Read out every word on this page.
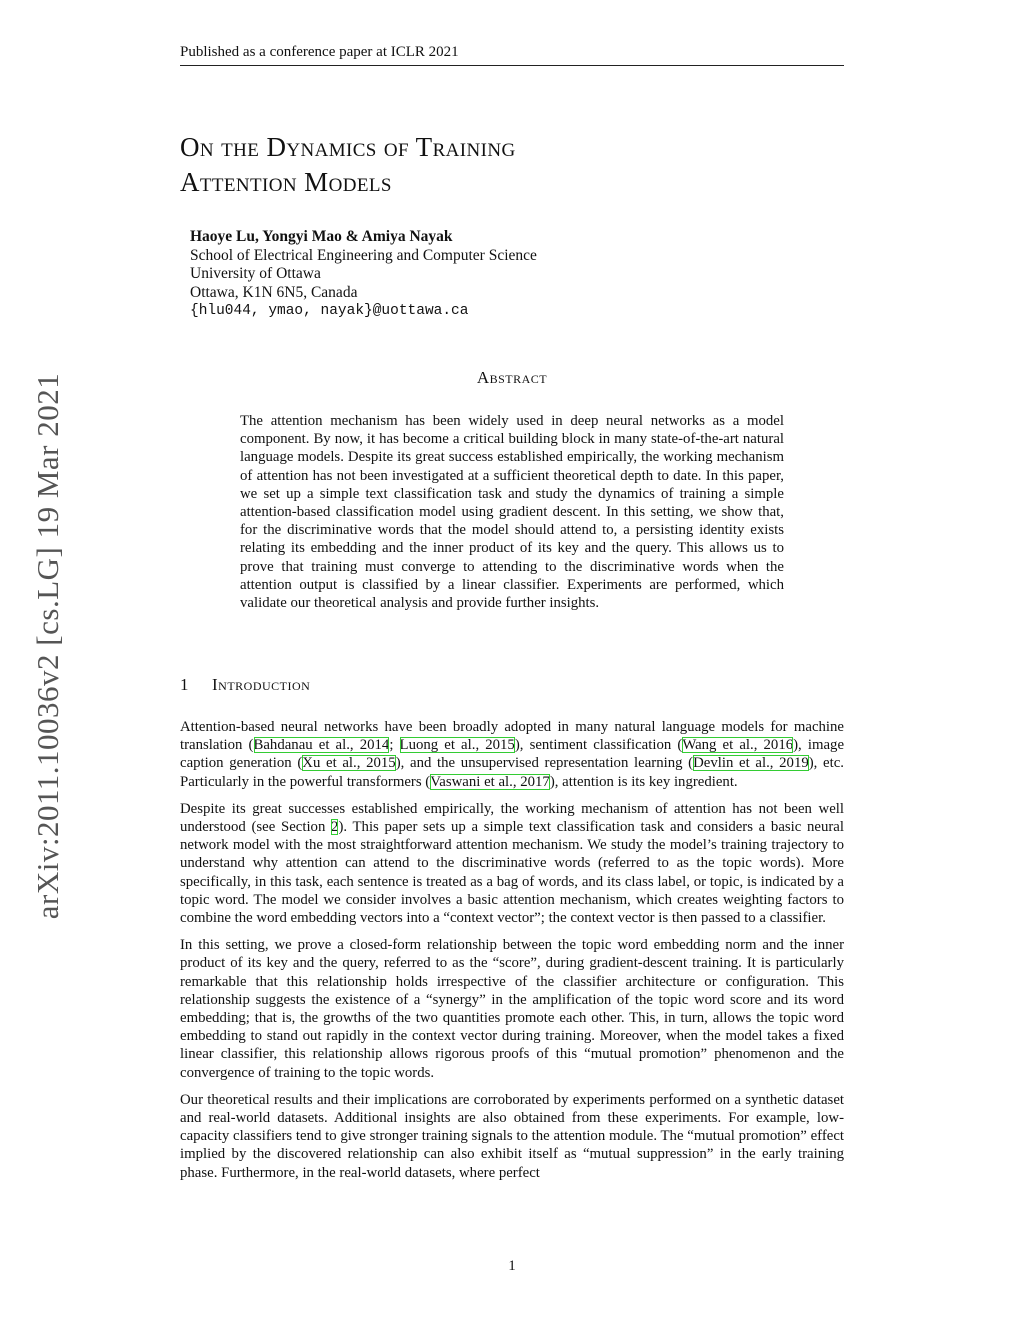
Published as a conference paper at ICLR 2021
arXiv:2011.10036v2 [cs.LG] 19 Mar 2021
On the Dynamics of Training
Attention Models
Haoye Lu, Yongyi Mao & Amiya Nayak
School of Electrical Engineering and Computer Science
University of Ottawa
Ottawa, K1N 6N5, Canada
{hlu044, ymao, nayak}@uottawa.ca
Abstract

The attention mechanism has been widely used in deep neural networks as a model component. By now, it has become a critical building block in many state-of-the-art natural language models. Despite its great success established empirically, the working mechanism of attention has not been investigated at a sufficient theoretical depth to date. In this paper, we set up a simple text classification task and study the dynamics of training a simple attention-based classification model using gradient descent. In this setting, we show that, for the discriminative words that the model should attend to, a persisting identity exists relating its embedding and the inner product of its key and the query. This allows us to prove that training must converge to attending to the discriminative words when the attention output is classified by a linear classifier. Experiments are performed, which validate our theoretical analysis and provide further insights.

1 Introduction

Attention-based neural networks have been broadly adopted in many natural language models for machine translation (Bahdanau et al., 2014; Luong et al., 2015), sentiment classification (Wang et al., 2016), image caption generation (Xu et al., 2015), and the unsupervised representation learning (Devlin et al., 2019), etc. Particularly in the powerful transformers (Vaswani et al., 2017), attention is its key ingredient.

Despite its great successes established empirically, the working mechanism of attention has not been well understood (see Section 2). This paper sets up a simple text classification task and considers a basic neural network model with the most straightforward attention mechanism. We study the model’s training trajectory to understand why attention can attend to the discriminative words (referred to as the topic words). More specifically, in this task, each sentence is treated as a bag of words, and its class label, or topic, is indicated by a topic word. The model we consider involves a basic attention mechanism, which creates weighting factors to combine the word embedding vectors into a “context vector”; the context vector is then passed to a classifier.

In this setting, we prove a closed-form relationship between the topic word embedding norm and the inner product of its key and the query, referred to as the “score”, during gradient-descent training. It is particularly remarkable that this relationship holds irrespective of the classifier architecture or configuration. This relationship suggests the existence of a “synergy” in the amplification of the topic word score and its word embedding; that is, the growths of the two quantities promote each other. This, in turn, allows the topic word embedding to stand out rapidly in the context vector during training. Moreover, when the model takes a fixed linear classifier, this relationship allows rigorous proofs of this “mutual promotion” phenomenon and the convergence of training to the topic words.

Our theoretical results and their implications are corroborated by experiments performed on a synthetic dataset and real-world datasets. Additional insights are also obtained from these experiments. For example, low-capacity classifiers tend to give stronger training signals to the attention module. The “mutual promotion” effect implied by the discovered relationship can also exhibit itself as “mutual suppression” in the early training phase. Furthermore, in the real-world datasets, where perfect

1
